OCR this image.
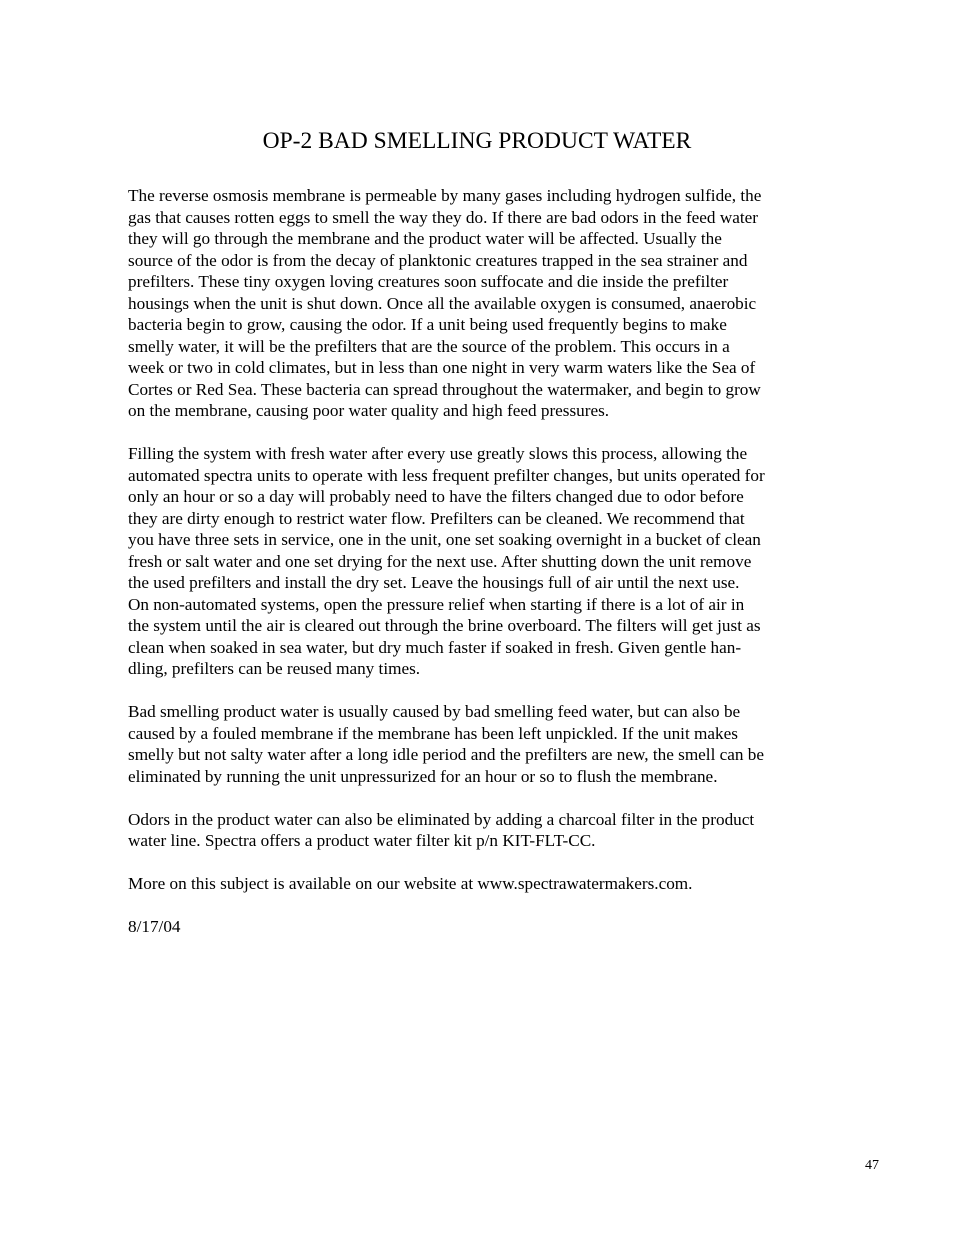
OP-2 BAD SMELLING PRODUCT WATER

The reverse osmosis membrane is permeable by many gases including hydrogen sulfide, the
gas that causes rotten eggs to smell the way they do. If there are bad odors in the feed water
they will go through the membrane and the product water will be affected. Usually the
source of the odor is from the decay of planktonic creatures trapped in the sea strainer and
prefilters. These tiny oxygen loving creatures soon suffocate and die inside the prefilter
housings when the unit is shut down. Once all the available oxygen is consumed, anaerobic
bacteria begin to grow, causing the odor. If a unit being used frequently begins to make
smelly water, it will be the prefilters that are the source of the problem. This occurs in a
week or two in cold climates, but in less than one night in very warm waters like the Sea of
Cortes or Red Sea. These bacteria can spread throughout the watermaker, and begin to grow
on the membrane, causing poor water quality and high feed pressures.

Filling the system with fresh water after every use greatly slows this process, allowing the
automated spectra units to operate with less frequent prefilter changes, but units operated for
only an hour or so a day will probably need to have the filters changed due to odor before
they are dirty enough to restrict water flow. Prefilters can be cleaned. We recommend that
you have three sets in service, one in the unit, one set soaking overnight in a bucket of clean
fresh or salt water and one set drying for the next use. After shutting down the unit remove
the used prefilters and install the dry set. Leave the housings full of air until the next use.
On non-automated systems, open the pressure relief when starting if there is a lot of air in
the system until the air is cleared out through the brine overboard. The filters will get just as
clean when soaked in sea water, but dry much faster if soaked in fresh. Given gentle han-
dling, prefilters can be reused many times.

Bad smelling product water is usually caused by bad smelling feed water, but can also be
caused by a fouled membrane if the membrane has been left unpickled. If the unit makes
smelly but not salty water after a long idle period and the prefilters are new, the smell can be
eliminated by running the unit unpressurized for an hour or so to flush the membrane.

Odors in the product water can also be eliminated by adding a charcoal filter in the product
water line. Spectra offers a product water filter kit p/n KIT-FLT-CC.

More on this subject is available on our website at www.spectrawatermakers.com.

8/17/04

47
